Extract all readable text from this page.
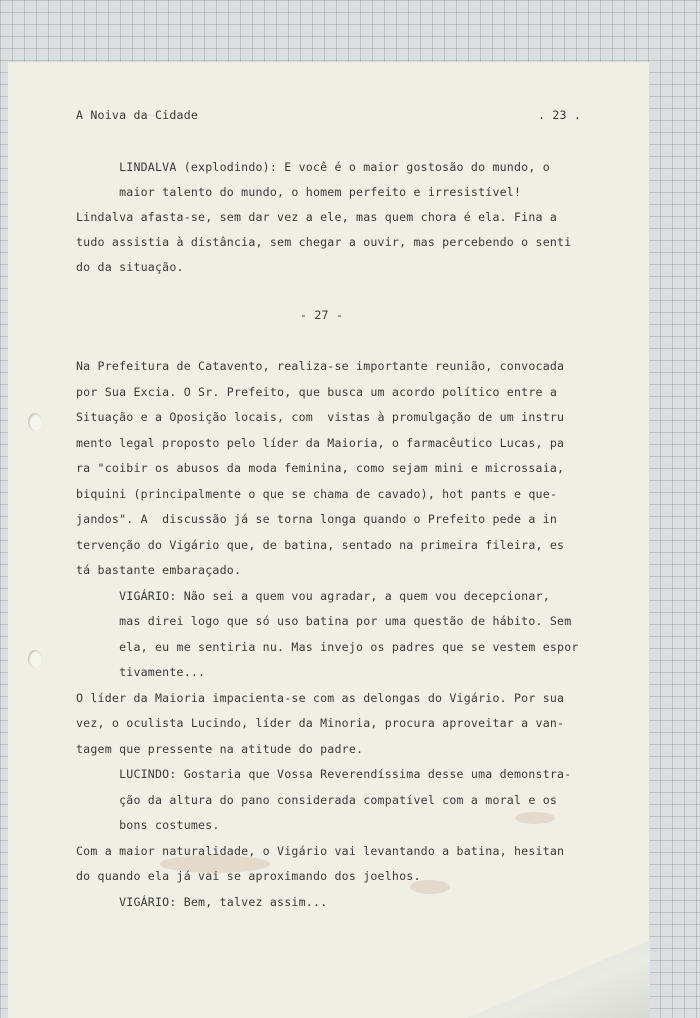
A Noiva da Cidade	. 23 .

LINDALVA (explodindo): E você é o maior gostosão do mundo, o

maior talento do mundo, o homem perfeito e irresistível!

Lindalva afasta-se, sem dar vez a ele, mas quem chora é ela. Fina a

tudo assistia à distância, sem chegar a ouvir, mas percebendo o senti

do da situação.

- 27 -

Na Prefeitura de Catavento, realiza-se importante reunião, convocada

por Sua Excia. O Sr. Prefeito, que busca um acordo político entre a

Situação e a Oposição locais, com  vistas à promulgação de um instru

mento legal proposto pelo líder da Maioria, o farmacêutico Lucas, pa

ra "coibir os abusos da moda feminina, como sejam mini e microssaia,

biquini (principalmente o que se chama de cavado), hot pants e que-

jandos". A  discussão já se torna longa quando o Prefeito pede a in

tervenção do Vigário que, de batina, sentado na primeira fileira, es

tá bastante embaraçado.

VIGÁRIO: Não sei a quem vou agradar, a quem vou decepcionar,

mas direi logo que só uso batina por uma questão de hábito. Sem

ela, eu me sentiria nu. Mas invejo os padres que se vestem espor

tivamente...

O líder da Maioria impacienta-se com as delongas do Vigário. Por sua

vez, o oculista Lucindo, líder da Minoria, procura aproveitar a van-

tagem que pressente na atitude do padre.

LUCINDO: Gostaria que Vossa Reverendíssima desse uma demonstra-

ção da altura do pano considerada compatível com a moral e os

bons costumes.

Com a maior naturalidade, o Vigário vai levantando a batina, hesitan

do quando ela já vai se aproximando dos joelhos.

VIGÁRIO: Bem, talvez assim...
